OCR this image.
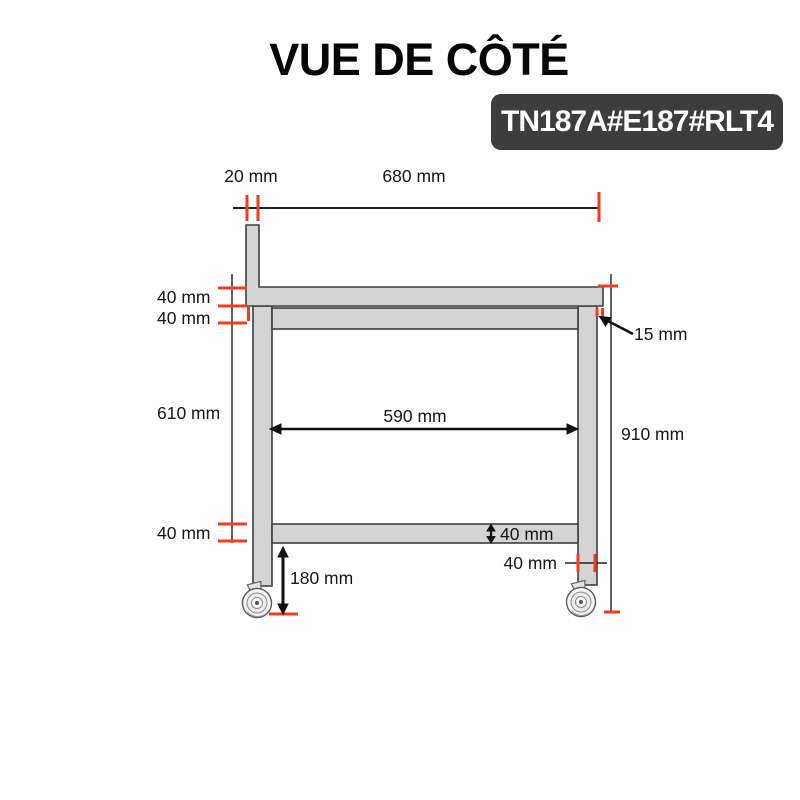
VUE DE CÔTÉ
TN187A#E187#RLT4
20 mm	680 mm
40 mm
40 mm
610 mm
40 mm
590 mm
910 mm
15 mm
40 mm
40 mm
180 mm
